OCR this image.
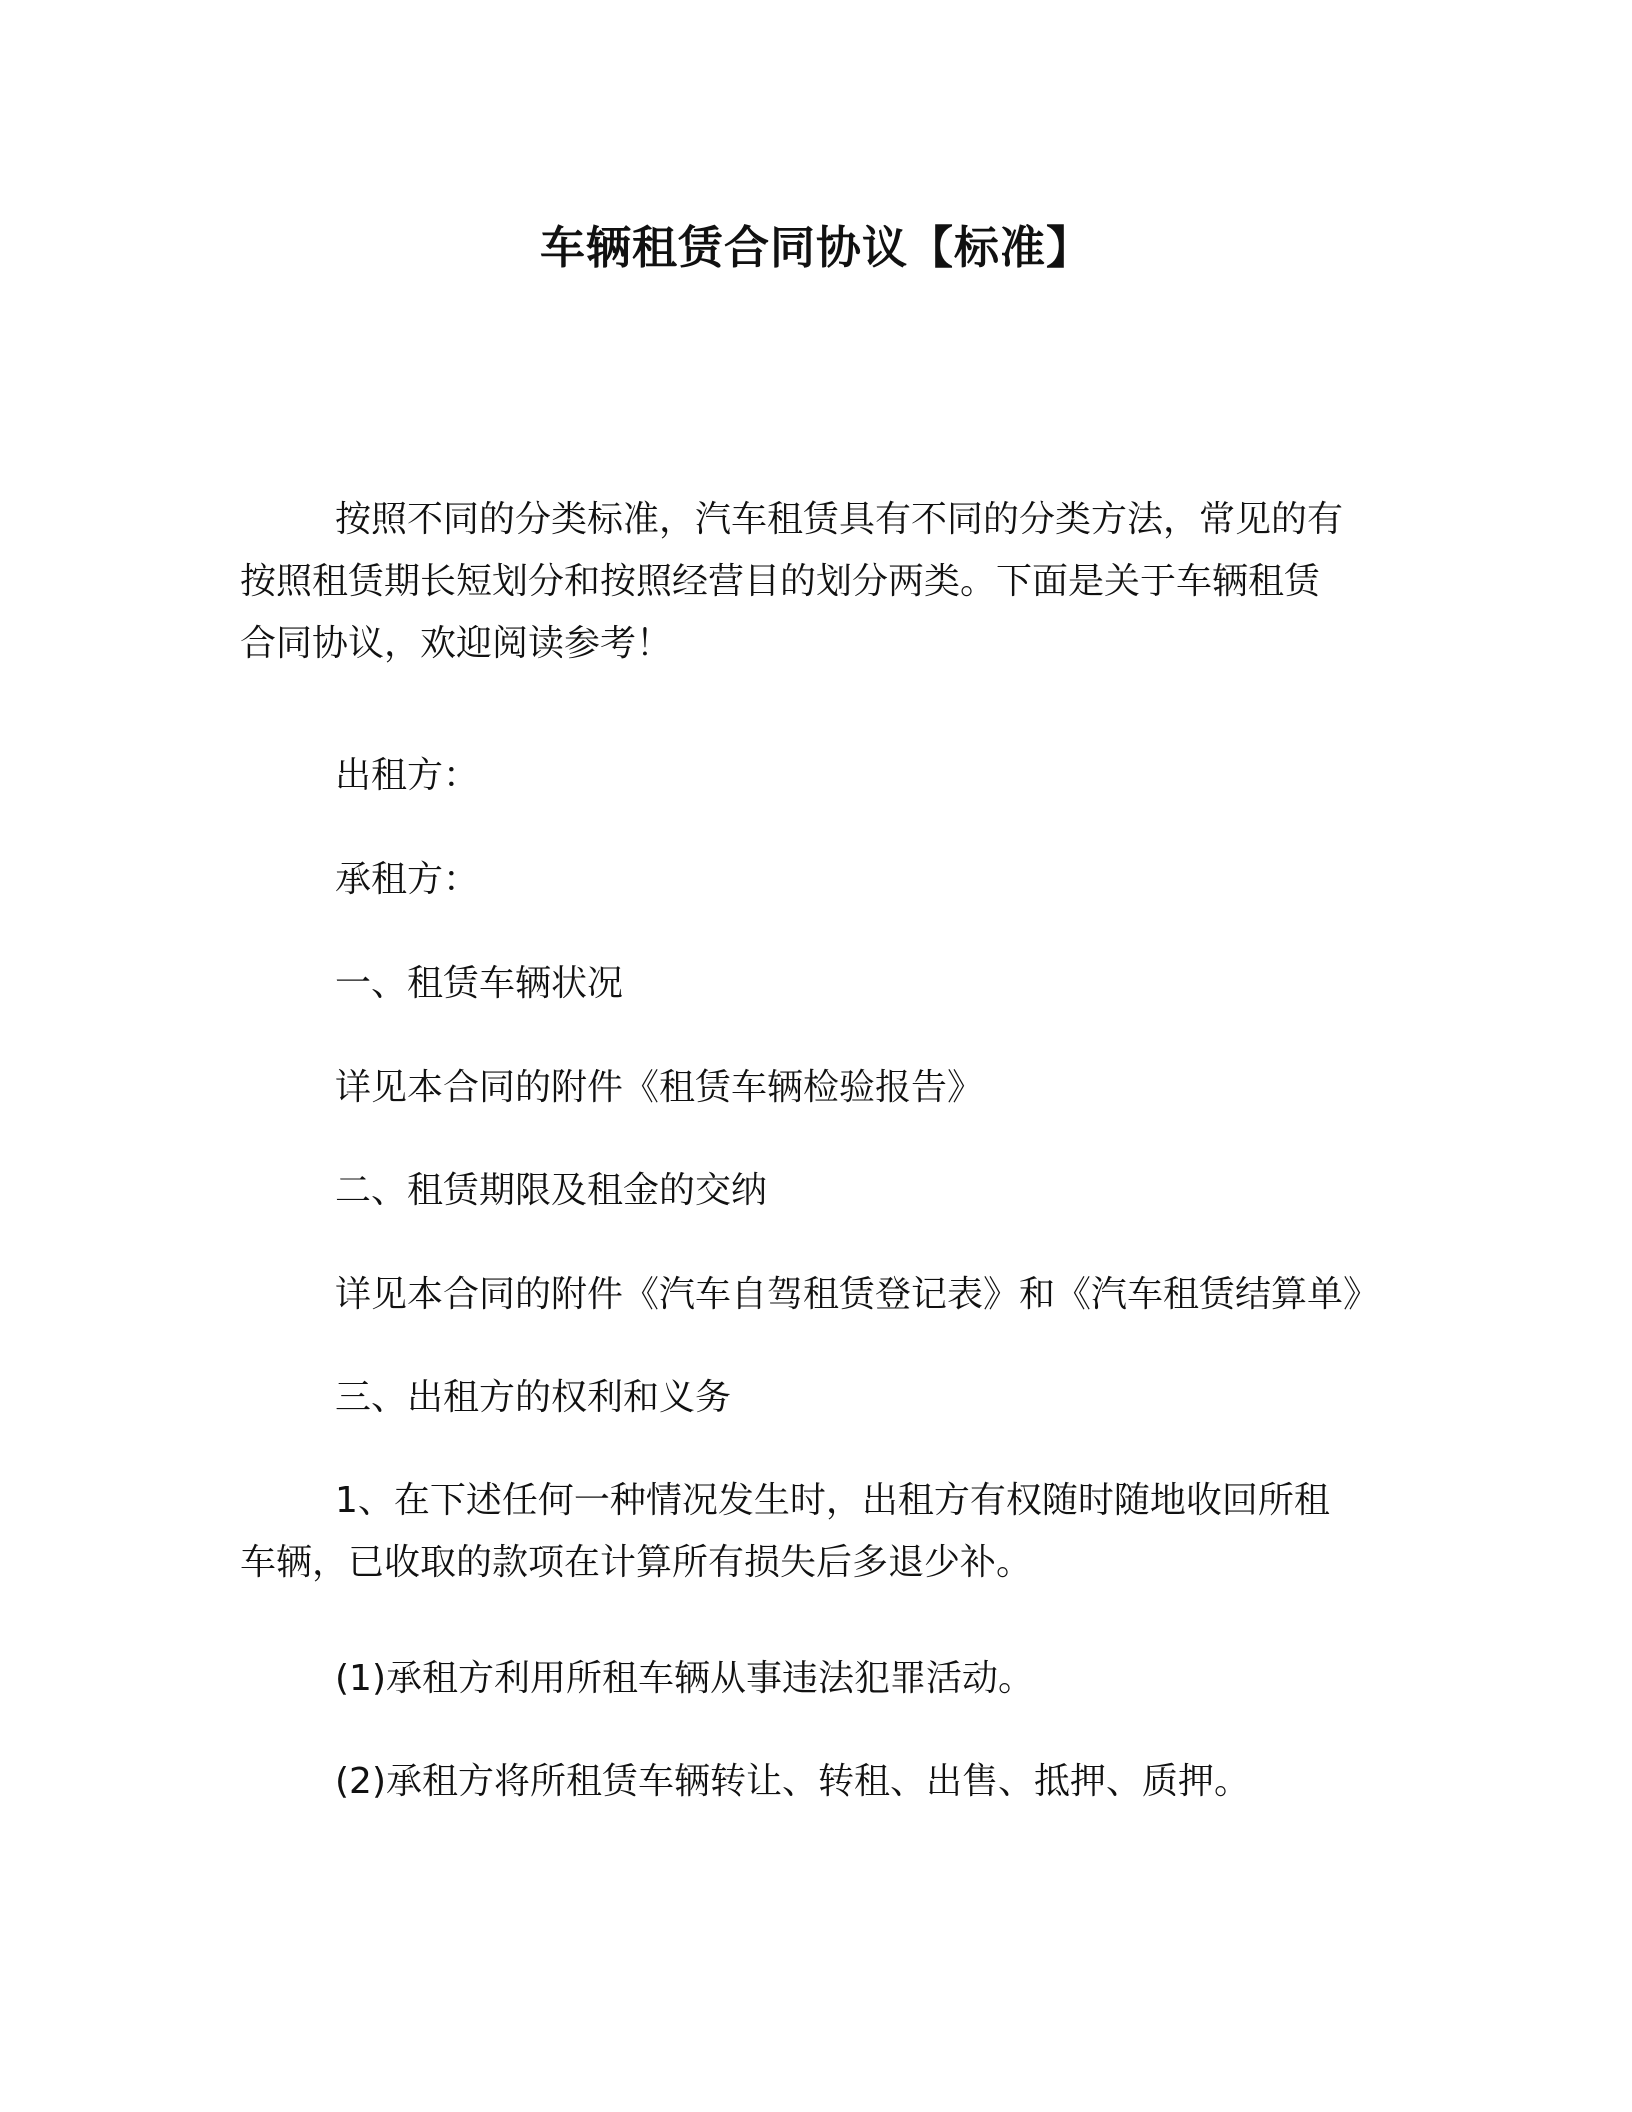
车辆租赁合同协议【标准】
按照不同的分类标准，汽车租赁具有不同的分类方法，常见的有
按照租赁期长短划分和按照经营目的划分两类。下面是关于车辆租赁
合同协议，欢迎阅读参考！

出租方：

承租方：

一、租赁车辆状况

详见本合同的附件《租赁车辆检验报告》

二、租赁期限及租金的交纳

详见本合同的附件《汽车自驾租赁登记表》和《汽车租赁结算单》

三、出租方的权利和义务

1、在下述任何一种情况发生时，出租方有权随时随地收回所租
车辆，已收取的款项在计算所有损失后多退少补。

(1)承租方利用所租车辆从事违法犯罪活动。

(2)承租方将所租赁车辆转让、转租、出售、抵押、质押。
